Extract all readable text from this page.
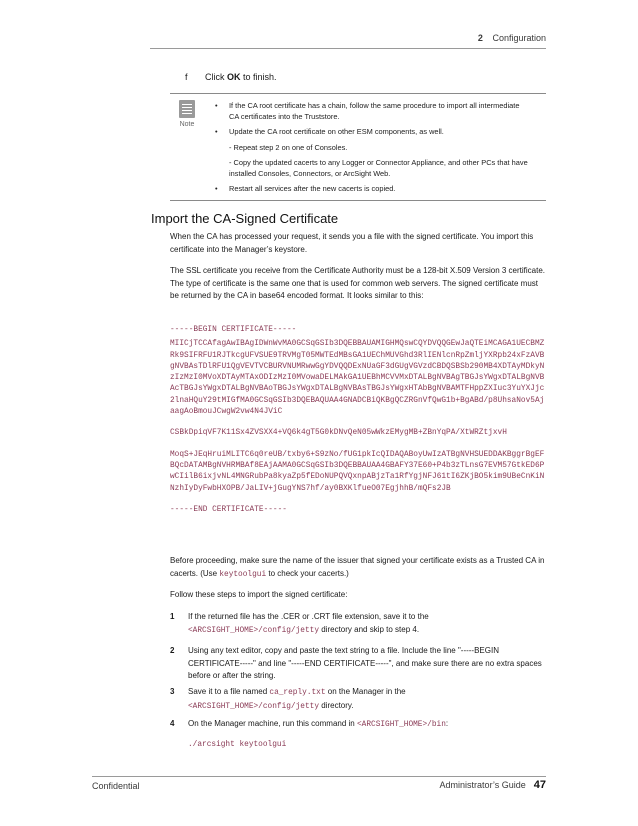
2 Configuration
f Click OK to finish.
Note
• If the CA root certificate has a chain, follow the same procedure to import all intermediate CA certificates into the Truststore.
• Update the CA root certificate on other ESM components, as well.
- Repeat step 2 on one of Consoles.
- Copy the updated cacerts to any Logger or Connector Appliance, and other PCs that have installed Consoles, Connectors, or ArcSight Web.
• Restart all services after the new cacerts is copied.
Import the CA-Signed Certificate
When the CA has processed your request, it sends you a file with the signed certificate. You import this certificate into the Manager’s keystore.
The SSL certificate you receive from the Certificate Authority must be a 128-bit X.509 Version 3 certificate. The type of certificate is the same one that is used for common web servers. The signed certificate must be returned by the CA in base64 encoded format. It looks similar to this:
-----BEGIN CERTIFICATE-----
MIICjTCCAfagAwIBAgIDWnWvMA0GCSqGSIb3DQEBBAUAMIGHMQswCQYDVQQGEwJaQTEiMCAGA1UECBMZRk9SIFRFU1RJTkcgUFVSUE9TRVMgT05MWTEdMBsGA1UEChMUVGhd3RlIENlcnRpZmljYXRpb24xFzAVBgNVBAsTDlRFU1QgVEVTVCBURVNUMRwwGgYDVQQDExNUaGF3dGUgVGVzdCBDQSBSb290MB4XDTAyMDkyNzIzMzI0MVoXDTAyMTAxODIzMzI0MVowaDELMAkGA1UEBhMCVVMxDTALBgNVBAgTBGJsYWgxDTALBgNVBAcTBGJsYWgxDTALBgNVBAoTBGJsYWgxDTALBgNVBAsTBGJsYWgxHTAbBgNVBAMTFHppZXIuc3YuYXJjc2lnaHQuY29tMIGfMA0GCSqGSIb3DQEBAQUAA4GNADCBiQKBgQCZRGnVfQwG1b+BgABd/p8UhsaNov5AjaagAoBmouJCwgW2vw4N4JViC
CSBkDpiqVF7K11Sx4ZVSXX4+VQ6k4gT5G0kDNvQeN05wWkzEMygMB+ZBnYqPA/XtWRZtjxvH
MoqS+JEqHruiMLITC6q0reUB/txby6+S9zNo/fUG1pkIcQIDAQABoyUwIzATBgNVHSUEDDAKBggrBgEFBQcDATAMBgNVHRMBAf8EAjAAMA0GCSqGSIb3DQEBBAUAA4GBAFY37E60+P4b3zTLnsG7EVM57GtkED6PwCIilB6ixjvNL4MNGRubPa8kyaZp5fEDoNUPQVQxnpABjzTa1RfYgjNFJ61tI6ZKjBO5kim9UBeCnKiNNzhIyDyFwbHXOPB/JaLIV+jGugYNS7hf/ay0BXKlfueO07EgjhhB/mQFs2JB
-----END CERTIFICATE-----
Before proceeding, make sure the name of the issuer that signed your certificate exists as a Trusted CA in cacerts. (Use keytoolgui to check your cacerts.)
Follow these steps to import the signed certificate:
1 If the returned file has the .CER or .CRT file extension, save it to the
<ARCSIGHT_HOME>/config/jetty directory and skip to step 4.
2 Using any text editor, copy and paste the text string to a file. Include the line "-----BEGIN CERTIFICATE-----" and line "-----END CERTIFICATE-----", and make sure there are no extra spaces before or after the string.
3 Save it to a file named ca_reply.txt on the Manager in the
<ARCSIGHT_HOME>/config/jetty directory.
4 On the Manager machine, run this command in <ARCSIGHT_HOME>/bin:
./arcsight keytoolgui
Confidential	Administrator’s Guide 47
